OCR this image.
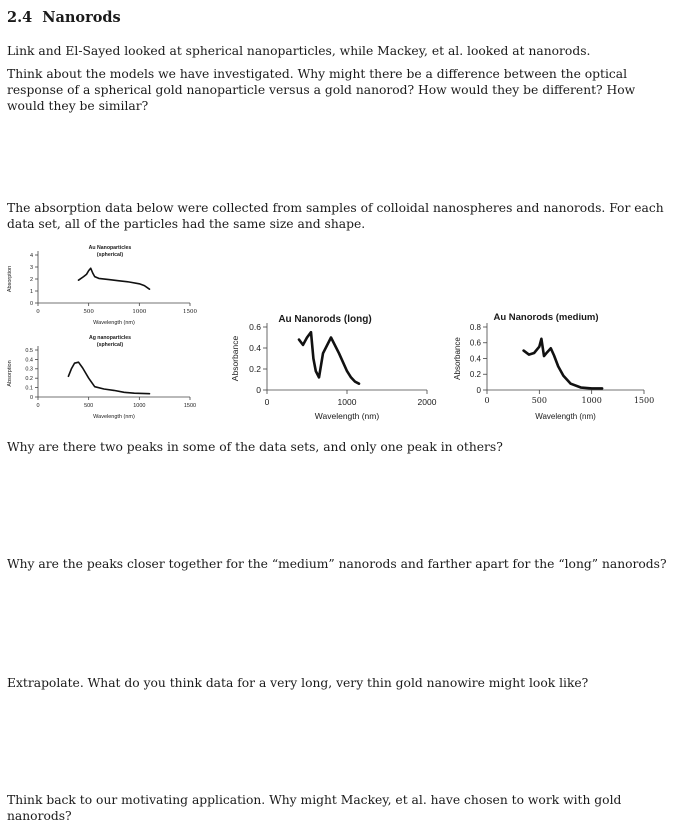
2.4 Nanorods
Link and El-Sayed looked at spherical nanoparticles, while Mackey, et al. looked at nanorods.
Think about the models we have investigated. Why might there be a difference between the optical response of a spherical gold nanoparticle versus a gold nanorod? How would they be different? How would they be similar?
The absorption data below were collected from samples of colloidal nanospheres and nanorods. For each data set, all of the particles had the same size and shape.
Au Nanoparticles
(spherical)
0
1
2
3
4
0	500	1000	1500
Wavelength (nm)
Absorption
Ag nanoparticles
(spherical)
0
0.1
0.2
0.3
0.4
0.5
0	500	1000	1500
Wavelength (nm)
Absorption
Au Nanorods (long)
0
0.2
0.4
0.6
0	1000	2000
Wavelength (nm)
Absorbance
Au Nanorods (medium)
0
0.2
0.4
0.6
0.8
0	500	1000	1500
Wavelength (nm)
Absorbance
Why are there two peaks in some of the data sets, and only one peak in others?
Why are the peaks closer together for the “medium” nanorods and farther apart for the “long” nanorods?
Extrapolate. What do you think data for a very long, very thin gold nanowire might look like?
Think back to our motivating application. Why might Mackey, et al. have chosen to work with gold nanorods?
